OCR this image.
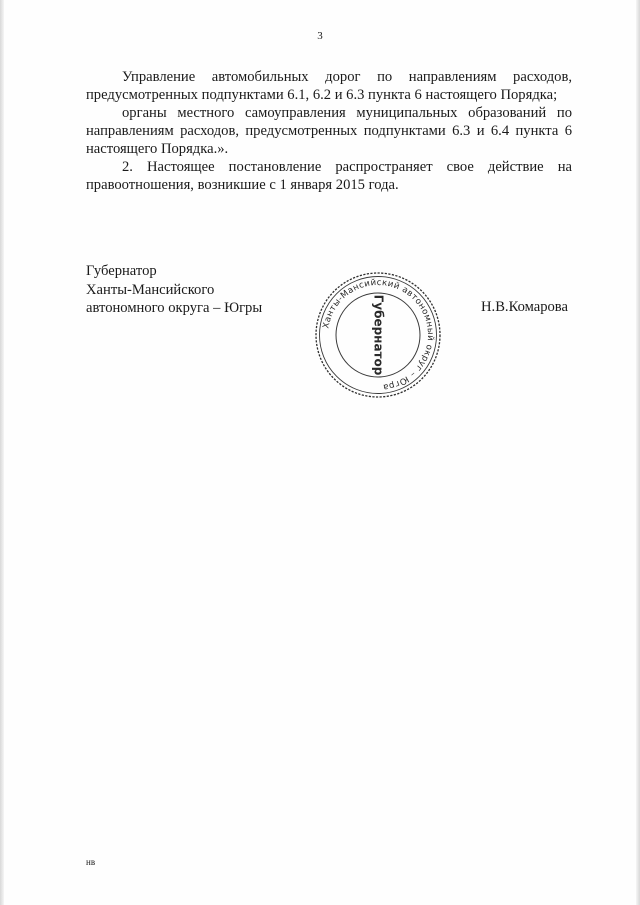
3

Управление автомобильных дорог по направлениям расходов, предусмотренных подпунктами 6.1, 6.2 и 6.3 пункта 6 настоящего Порядка;

органы местного самоуправления муниципальных образований по направлениям расходов, предусмотренных подпунктами 6.3 и 6.4 пункта 6 настоящего Порядка.».

2. Настоящее постановление распространяет свое действие на правоотношения, возникшие с 1 января 2015 года.

Губернатор
Ханты-Мансийского
автономного округа – Югры
Ханты-Мансийский автономный округ – Югра
Губернатор	Н.В.Комарова
нв
